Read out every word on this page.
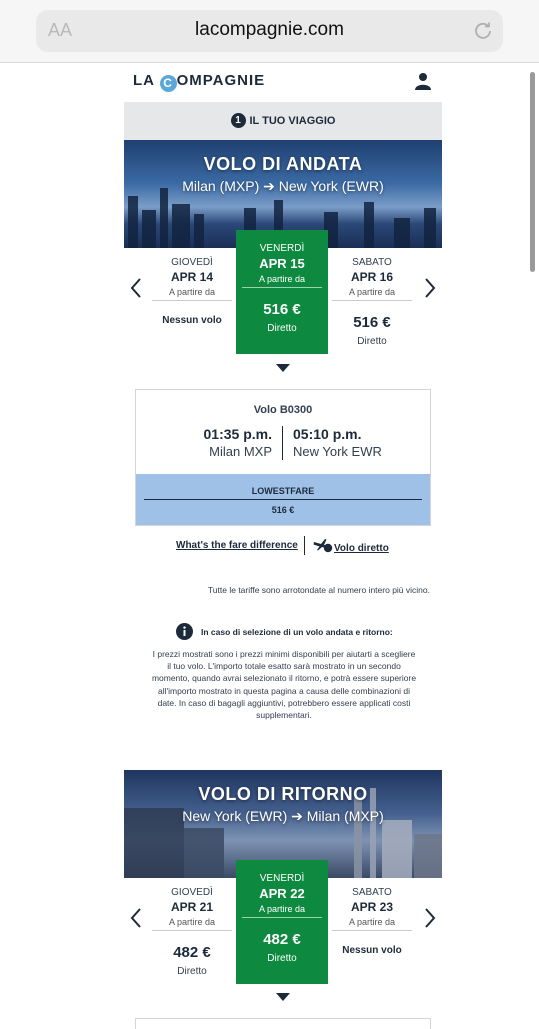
AA	lacompagnie.com
LA C OMPAGNIE
1 IL TUO VIAGGIO
VOLO DI ANDATA
Milan (MXP) ➔ New York (EWR)
GIOVEDÌ
APR 14
A partire da
Nessun volo
VENERDÌ
APR 15
A partire da
516 €
Diretto
SABATO
APR 16
A partire da
516 €
Diretto
Volo B0300
01:35 p.m.
Milan MXP
05:10 p.m.
New York EWR
LOWESTFARE
516 €
What's the fare difference	Volo diretto
Tutte le tariffe sono arrotondate al numero intero più vicino.
In caso di selezione di un volo andata e ritorno:
I prezzi mostrati sono i prezzi minimi disponibili per aiutarti a scegliere il tuo volo. L'importo totale esatto sarà mostrato in un secondo momento, quando avrai selezionato il ritorno, e potrà essere superiore all'importo mostrato in questa pagina a causa delle combinazioni di date. In caso di bagagli aggiuntivi, potrebbero essere applicati costi supplementari.
VOLO DI RITORNO
New York (EWR) ➔ Milan (MXP)
GIOVEDÌ
APR 21
A partire da
482 €
Diretto
VENERDÌ
APR 22
A partire da
482 €
Diretto
SABATO
APR 23
A partire da
Nessun volo
